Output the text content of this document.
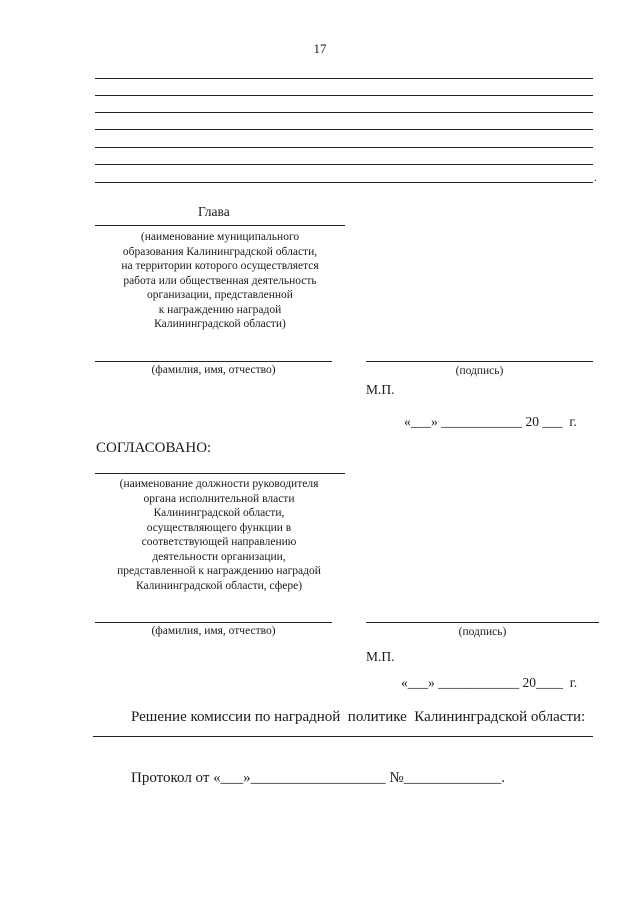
17
.
Глава
(наименование муниципального
образования Калининградской области,
на территории которого осуществляется
работа или общественная деятельность
организации, представленной
к награждению наградой
Калининградской области)
(фамилия, имя, отчество)	(подпись)
М.П.
«___» ____________ 20 ___  г.
СОГЛАСОВАНО:
(наименование должности руководителя
органа исполнительной власти
Калининградской области,
осуществляющего функции в
соответствующей направлению
деятельности организации,
представленной к награждению наградой
Калининградской области, сфере)
(фамилия, имя, отчество)	(подпись)
М.П.
«___» ____________ 20____  г.
Решение комиссии по наградной  политике  Калининградской области:
Протокол от «___»__________________ №_____________.
